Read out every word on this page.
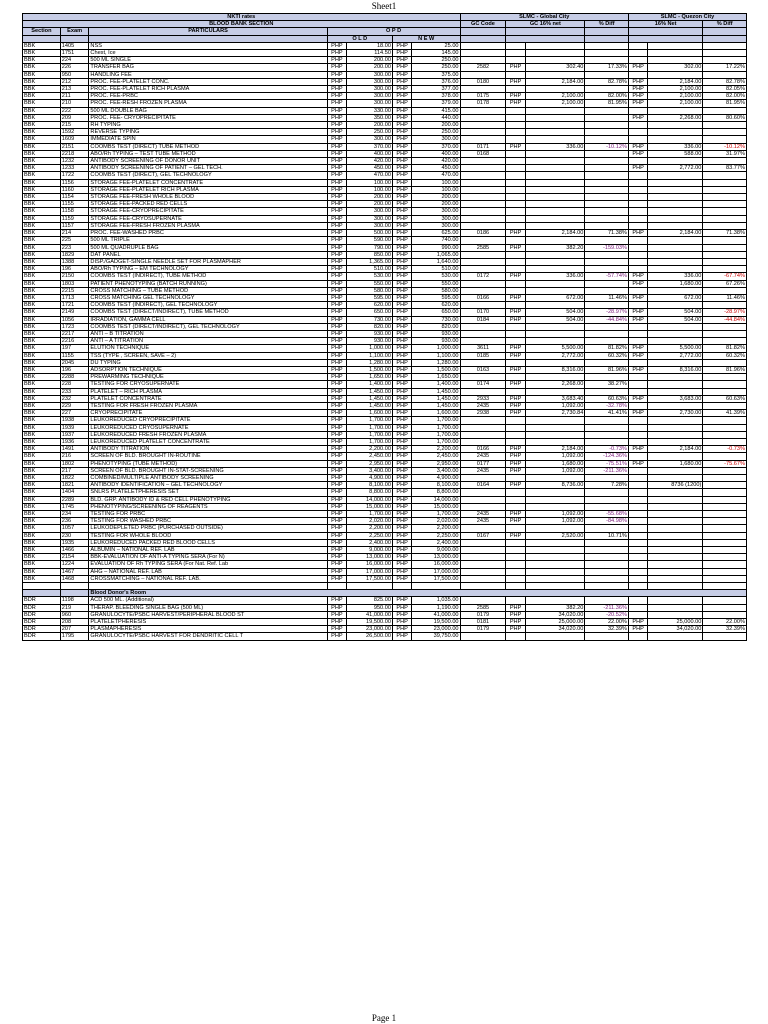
Sheet1
NKTI rates							SLMC - Global City				SLMC - Quezon City		
BLOOD BANK SECTION							GC Code	GC 16% net		% Diff	16% Net		% Diff
Section	Exam	PARTICULARS	O P D										
			O L D		N E W								
BBK	1405	NSS	PHP	18.00	PHP	25.00							
BBK	1751	Chest, Ice	PHP	114.50	PHP	145.00							
BBK	224	500 ML SINGLE	PHP	200.00	PHP	250.00							
BBK	226	TRANSFER BAG	PHP	200.00	PHP	250.00	2582	PHP	302.40	17.33%	PHP	302.00	17.22%
BBK	950	HANDLING FEE	PHP	300.00	PHP	375.00							
BBK	212	PROC. FEE-PLATELET CONC.	PHP	300.00	PHP	376.00	0180	PHP	2,184.00	82.78%	PHP	2,184.00	82.78%
BBK	213	PROC. FEE-PLATELET RICH PLASMA	PHP	300.00	PHP	377.00					PHP	2,100.00	82.05%
BBK	211	PROC. FEE-PRBC	PHP	300.00	PHP	378.00	0175	PHP	2,100.00	82.00%	PHP	2,100.00	82.00%
BBK	210	PROC. FEE-RESH FROZEN PLASMA	PHP	300.00	PHP	379.00	0178	PHP	2,100.00	81.95%	PHP	2,100.00	81.95%
BBK	222	500 ML DOUBLE BAG	PHP	330.00	PHP	415.00							
BBK	209	PROC. FEE- CRYOPRECIPITATE	PHP	350.00	PHP	440.00					PHP	2,268.00	80.60%
BBK	215	RH TYPING	PHP	200.00	PHP	200.00							
BBK	1592	REVERSE TYPING	PHP	250.00	PHP	250.00							
BBK	1609	IMMEDIATE SPIN	PHP	300.00	PHP	300.00							
BBK	2151	COOMBS TEST (DIRECT) TUBE METHOD	PHP	370.00	PHP	370.00	0171	PHP	336.00	-10.12%	PHP	336.00	-10.12%
BBK	2218	ABO/Rh TYPING – TEST TUBE METHOD	PHP	400.00	PHP	400.00	0168				PHP	588.00	31.97%
BBK	1232	ANTIBODY SCREENING OF DONOR UNIT	PHP	420.00	PHP	420.00							
BBK	1233	ANTIBODY SCREENING OF PATIENT – GEL TECH.	PHP	450.00	PHP	450.00					PHP	2,772.00	83.77%
BBK	1722	COOMBS TEST (DIRECT), GEL TECHNOLOGY	PHP	470.00	PHP	470.00							
BBK	1156	STORAGE FEE-PLATELET CONCENTRATE	PHP	100.00	PHP	100.00							
BBK	1160	STORAGE FEE-PLATELET RICH PLASMA	PHP	100.00	PHP	100.00							
BBK	1154	STORAGE FEE-FRESH WHOLE BLOOD	PHP	200.00	PHP	200.00							
BBK	1155	STORAGE FEE-PACKED RED CELLS	PHP	200.00	PHP	200.00							
BBK	1158	STORAGE FEE-CRYOPRECIPITATE	PHP	300.00	PHP	300.00							
BBK	1159	STORAGE FEE-CRYOSUPERNATE	PHP	300.00	PHP	300.00							
BBK	1157	STORAGE FEE-FRESH FROZEN PLASMA	PHP	300.00	PHP	300.00							
BBK	214	PROC. FEE-WASHED PRBC	PHP	500.00	PHP	625.00	0186	PHP	2,184.00	71.38%	PHP	2,184.00	71.38%
BBK	225	500 ML TRIPLE	PHP	590.00	PHP	740.00							
BBK	223	500 ML QUADRUPLE BAG	PHP	790.00	PHP	990.00	2585	PHP	382.20	-159.03%			
BBK	1829	DAT PANEL	PHP	850.00	PHP	1,065.00							
BBK	1388	DISP./GADGET-SINGLE NEEDLE SET FOR PLASMAPHER	PHP	1,365.00	PHP	1,640.00							
BBK	196	ABO/Rh TYPING – EM TECHNOLOGY	PHP	510.00	PHP	510.00							
BBK	2150	COOMBS TEST (INDIRECT), TUBE METHOD	PHP	530.00	PHP	530.00	0172	PHP	336.00	-57.74%	PHP	336.00	-67.74%
BBK	1803	PATIENT PHENOTYPING (BATCH RUNNING)	PHP	550.00	PHP	550.00					PHP	1,680.00	67.26%
BBK	2215	CROSS MATCHING – TUBE METHOD	PHP	580.00	PHP	580.00							
BBK	1713	CROSS MATCHING GEL TECHNOLOGY	PHP	595.00	PHP	595.00	0166	PHP	672.00	11.46%	PHP	672.00	11.46%
BBK	1721	COOMBS TEST (INDIRECT), GEL TECHNOLOGY	PHP	620.00	PHP	620.00							
BBK	2149	COOMBS TEST (DIRECT/INDIRECT), TUBE METHOD	PHP	650.00	PHP	650.00	0170	PHP	504.00	-28.97%	PHP	504.00	-28.97%
BBK	1056	IRRADIATION, GAMMA CELL	PHP	730.00	PHP	730.00	0184	PHP	504.00	-44.84%	PHP	504.00	-44.84%
BBK	1723	COOMBS TEST (DIRECT/INDIRECT), GEL TECHNOLOGY	PHP	820.00	PHP	820.00							
BBK	2217	ANTI – B TITRATION	PHP	930.00	PHP	930.00							
BBK	2216	ANTI – A TITRATION	PHP	930.00	PHP	930.00							
BBK	197	ELUTION TECHNIQUE	PHP	1,000.00	PHP	1,000.00	3611	PHP	5,500.00	81.82%	PHP	5,500.00	81.82%
BBK	1155	TSS (TYPE , SCREEN, SAVE – 2)	PHP	1,100.00	PHP	1,100.00	0185	PHP	2,772.00	60.32%	PHP	2,772.00	60.32%
BBK	2045	DU TYPING	PHP	1,280.00	PHP	1,280.00							
BBK	196	ADSORPTION TECHNIQUE	PHP	1,500.00	PHP	1,500.00	0163	PHP	8,316.00	81.96%	PHP	8,316.00	81.96%
BBK	2288	PREWARMING TECHNIQUE	PHP	1,650.00	PHP	1,650.00							
BBK	228	TESTING FOR CRYOSUPERNATE	PHP	1,400.00	PHP	1,400.00	0174	PHP	2,268.00	38.27%			
BBK	233	PLATELET – RICH PLASMA	PHP	1,450.00	PHP	1,450.00							
BBK	232	PLATELET CONCENTRATE	PHP	1,450.00	PHP	1,450.00	2933	PHP	3,683.40	60.63%	PHP	3,683.00	60.63%
BBK	229	TESTING FOR FRESH FROZEN PLASMA	PHP	1,450.00	PHP	1,450.00	2435	PHP	1,092.00	-32.78%			
BBK	227	CRYOPRECIPITATE	PHP	1,600.00	PHP	1,600.00	2938	PHP	2,730.84	41.41%	PHP	2,730.00	41.39%
BBK	1938	LEUKOREDUCED CRYOPRECIPITATE	PHP	1,700.00	PHP	1,700.00							
BBK	1939	LEUKOREDUCED CRYOSUPERNATE	PHP	1,700.00	PHP	1,700.00							
BBK	1937	LEUKOREDUCED FRESH FROZEN PLASMA	PHP	1,700.00	PHP	1,700.00							
BBK	1936	LEUKOREDUCED PLATELET CONCENTRATE	PHP	1,700.00	PHP	1,700.00							
BBK	1491	ANTIBODY TITRATION	PHP	2,200.00	PHP	2,200.00	0166	PHP	2,184.00	-0.73%	PHP	2,184.00	-0.73%
BBK	216	SCREEN OF BLD. BROUGHT IN-ROUTINE	PHP	2,450.00	PHP	2,450.00	2435	PHP	1,092.00	-124.36%			
BBK	1802	PHENOTYPING (TUBE METHOD)	PHP	2,950.00	PHP	2,950.00	0177	PHP	1,680.00	-75.51%	PHP	1,680.00	-75.67%
BBK	217	SCREEN OF BLD. BROUGHT IN-STAT-SCREENING	PHP	3,400.00	PHP	3,400.00	2435	PHP	1,092.00	-211.36%			
BBK	1822	COMBINED/MULTIPLE ANTIBODY SCREENING	PHP	4,900.00	PHP	4,900.00							
BBK	1821	ANTIBODY IDENTIFICATION – GEL TECHNOLOGY	PHP	8,100.00	PHP	8,100.00	0164	PHP	8,736.00	7.28%		8736 (1200)	
BBK	1404	SNLRS PLATELETPHERESIS SET	PHP	8,800.00	PHP	8,800.00							
BBK	2289	BLD. GRP. ANTIBODY ID & RED CELL PHENOTYPING	PHP	14,000.00	PHP	14,000.00							
BBK	1745	PHENOTYPING/SCREENING OF REAGENTS	PHP	15,000.00	PHP	15,000.00							
BBK	234	TESTING FOR PRBC	PHP	1,700.00	PHP	1,700.00	2435	PHP	1,092.00	-55.68%			
BBK	236	TESTING FOR WASHED PRBC	PHP	2,020.00	PHP	2,020.00	2435	PHP	1,092.00	-84.98%			
BBK	1057	LEUKODEPLETED PRBC (PURCHASED OUTSIDE)	PHP	2,200.00	PHP	2,200.00							
BBK	230	TESTING FOR WHOLE BLOOD	PHP	2,250.00	PHP	2,250.00	0167	PHP	2,520.00	10.71%			
BBK	1935	LEUKOREDUCED PACKED RED BLOOD CELLS	PHP	2,400.00	PHP	2,400.00							
BBK	1466	ALBUMIN – NATIONAL REF. LAB	PHP	9,000.00	PHP	9,000.00							
BBK	2154	BBK-EVALUATION OF ANTI-A TYPING SERA (For N)	PHP	13,000.00	PHP	13,000.00							
BBK	1224	EVALUATION OF Rh TYPING SERA (For Nat. Ref. Lab	PHP	16,000.00	PHP	16,000.00							
BBK	1467	AHG – NATIONAL REF. LAB	PHP	17,000.00	PHP	17,000.00							
BBK	1468	CROSSMATCHING – NATIONAL REF. LAB.	PHP	17,500.00	PHP	17,500.00							

		Blood Donor's Room											
BDR	1198	ACD 500 ML. (Additional)	PHP	825.00	PHP	1,035.00							
BDR	219	THERAP. BLEEDING SINGLE BAG (500 ML)	PHP	950.00	PHP	1,190.00	2585	PHP	382.20	-211.36%			
BDR	960	GRANULOCYTE/PSBC HARVEST/PERIPHERAL BLOOD ST	PHP	41,000.00	PHP	41,000.00	0179	PHP	34,020.00	-20.52%			
BDR	208	PLATELETPHERESIS	PHP	19,500.00	PHP	19,500.00	0181	PHP	25,000.00	22.00%	PHP	25,000.00	22.00%
BDR	207	PLASMAPHERESIS	PHP	23,000.00	PHP	23,000.00	0179	PHP	34,020.00	32.39%	PHP	34,020.00	32.39%
BDR	1795	GRANULOCYTE/PSBC HARVEST FOR DENDRITIC CELL T	PHP	26,500.00	PHP	39,750.00							
Page 1
